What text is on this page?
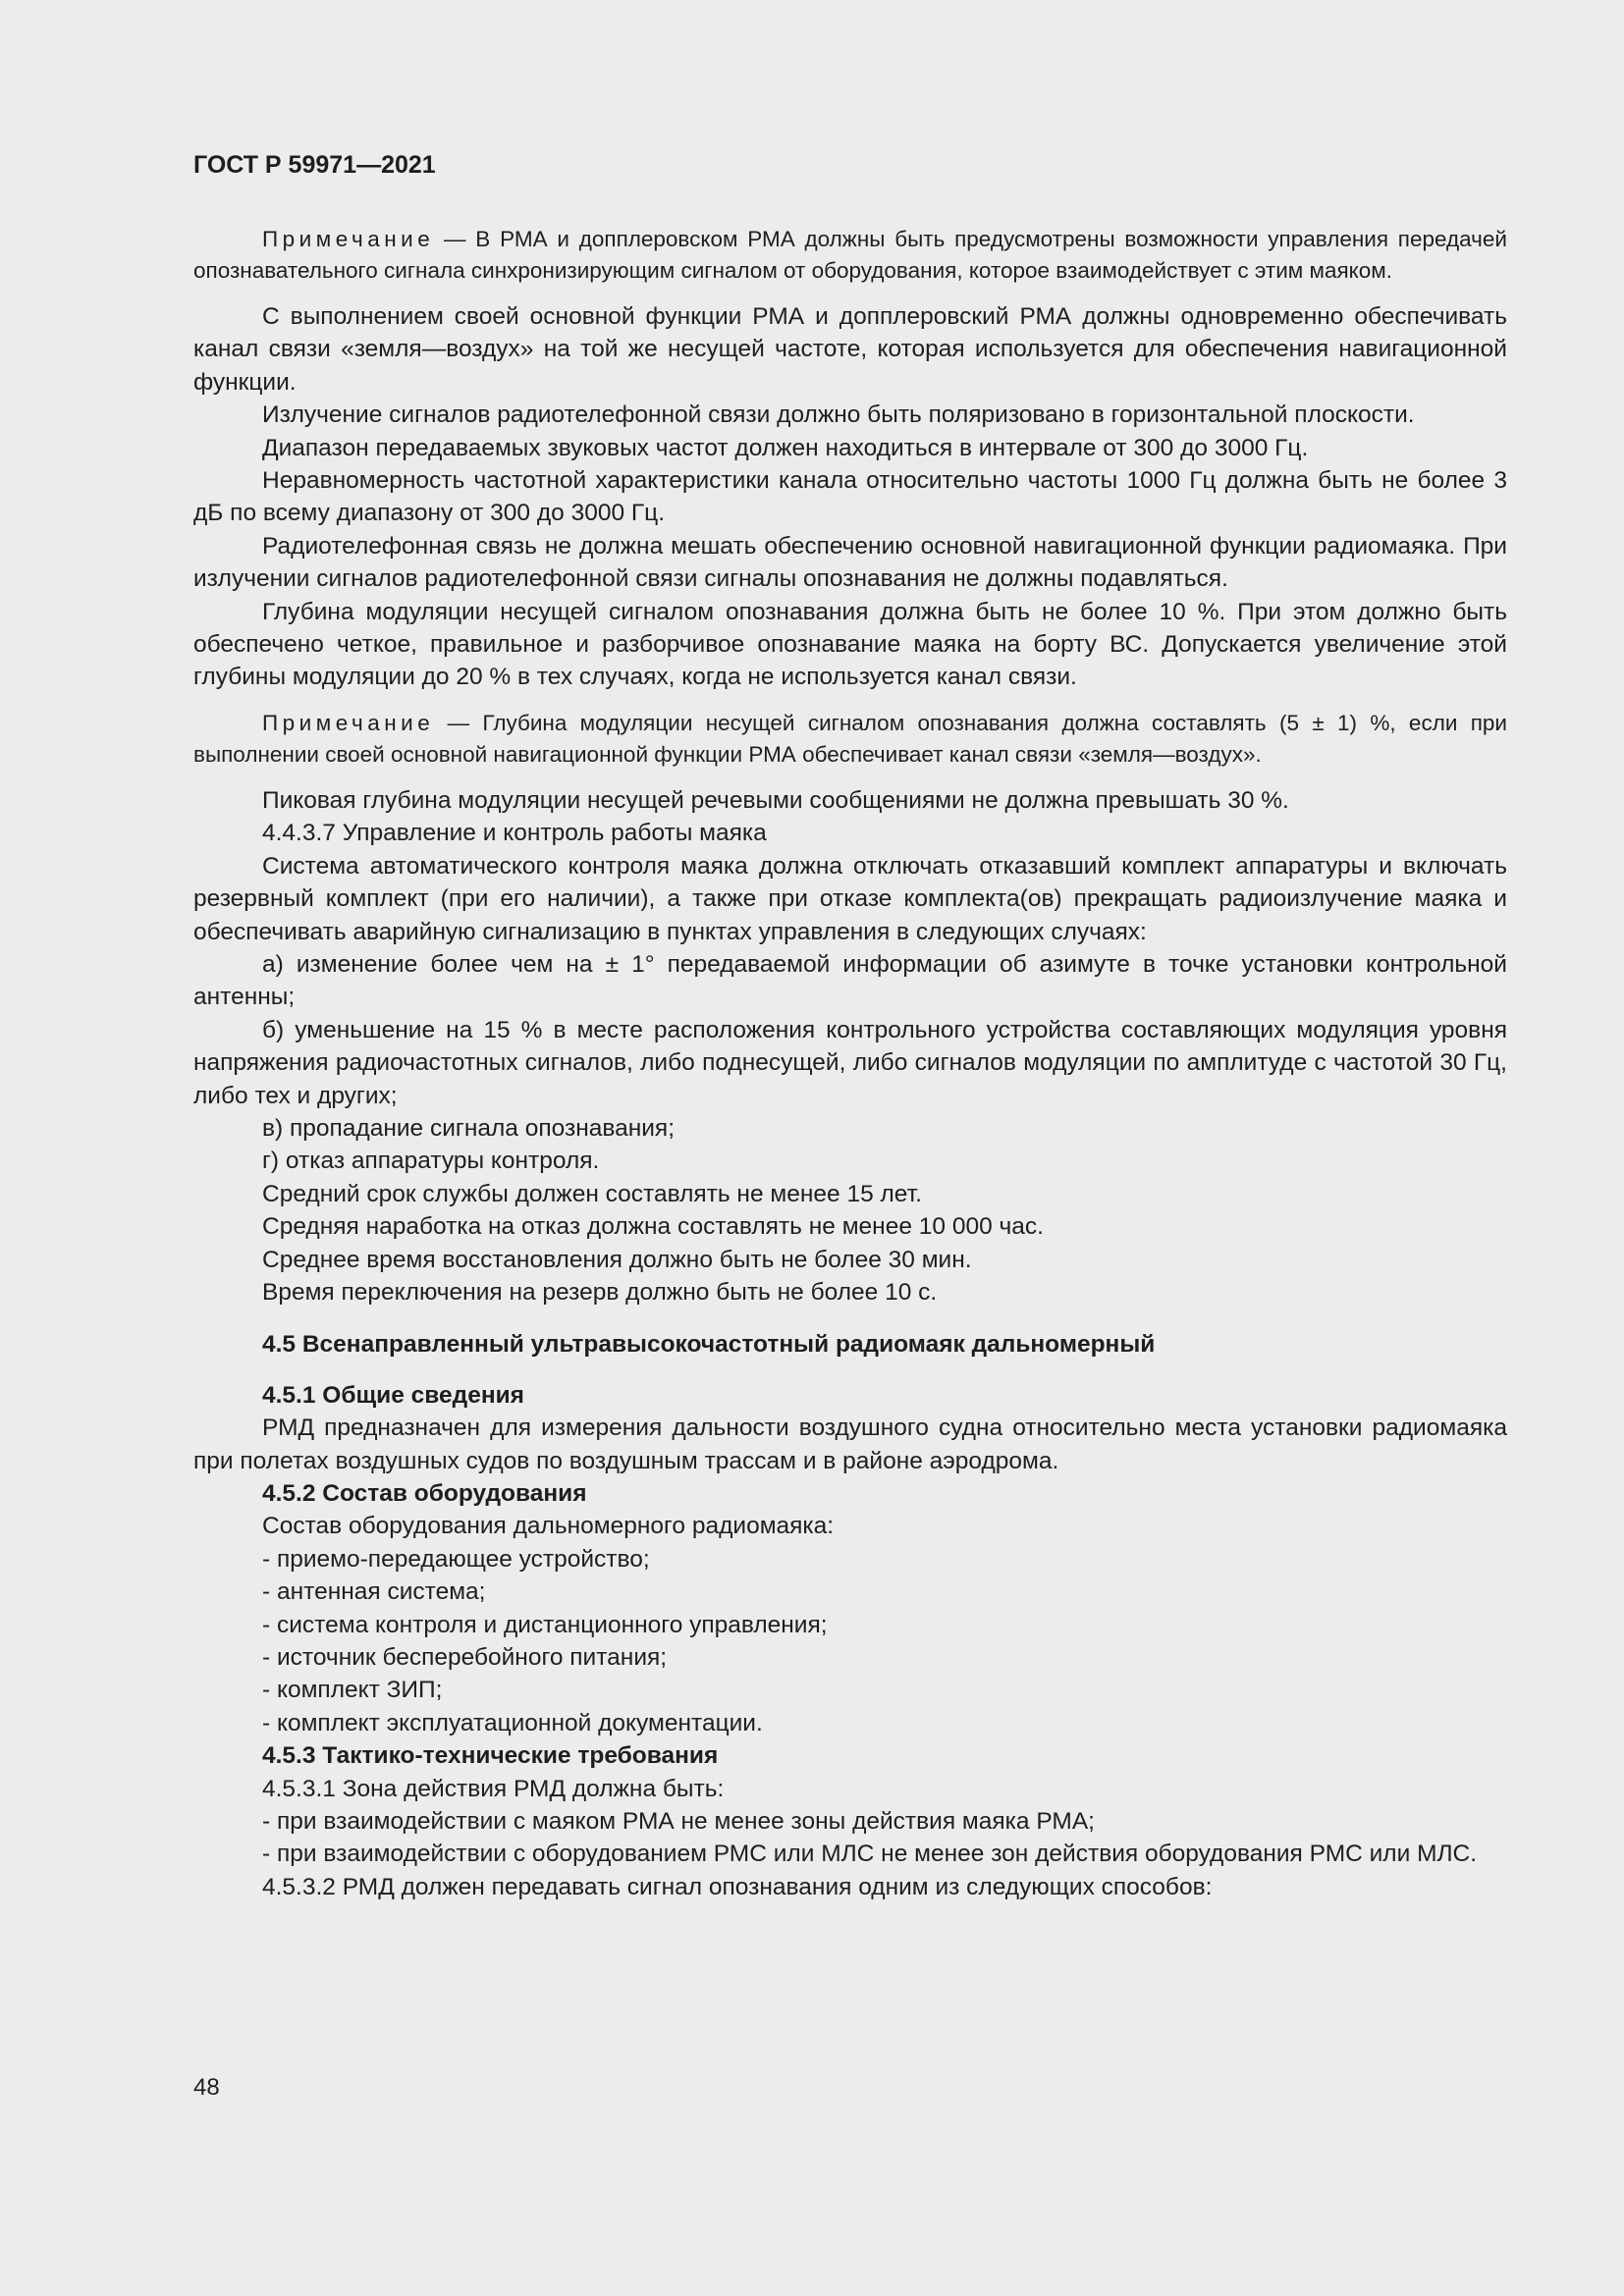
ГОСТ Р 59971—2021

Примечание — В РМА и допплеровском РМА должны быть предусмотрены возможности управления передачей опознавательного сигнала синхронизирующим сигналом от оборудования, которое взаимодействует с этим маяком.

С выполнением своей основной функции РМА и допплеровский РМА должны одновременно обеспечивать канал связи «земля—воздух» на той же несущей частоте, которая используется для обеспечения навигационной функции.

Излучение сигналов радиотелефонной связи должно быть поляризовано в горизонтальной плоскости.

Диапазон передаваемых звуковых частот должен находиться в интервале от 300 до 3000 Гц.

Неравномерность частотной характеристики канала относительно частоты 1000 Гц должна быть не более 3 дБ по всему диапазону от 300 до 3000 Гц.

Радиотелефонная связь не должна мешать обеспечению основной навигационной функции радиомаяка. При излучении сигналов радиотелефонной связи сигналы опознавания не должны подавляться.

Глубина модуляции несущей сигналом опознавания должна быть не более 10 %. При этом должно быть обеспечено четкое, правильное и разборчивое опознавание маяка на борту ВС. Допускается увеличение этой глубины модуляции до 20 % в тех случаях, когда не используется канал связи.

Примечание — Глубина модуляции несущей сигналом опознавания должна составлять (5 ± 1) %, если при выполнении своей основной навигационной функции РМА обеспечивает канал связи «земля—воздух».

Пиковая глубина модуляции несущей речевыми сообщениями не должна превышать 30 %.

4.4.3.7 Управление и контроль работы маяка

Система автоматического контроля маяка должна отключать отказавший комплект аппаратуры и включать резервный комплект (при его наличии), а также при отказе комплекта(ов) прекращать радиоизлучение маяка и обеспечивать аварийную сигнализацию в пунктах управления в следующих случаях:

а) изменение более чем на ± 1° передаваемой информации об азимуте в точке установки контрольной антенны;

б) уменьшение на 15 % в месте расположения контрольного устройства составляющих модуляция уровня напряжения радиочастотных сигналов, либо поднесущей, либо сигналов модуляции по амплитуде с частотой 30 Гц, либо тех и других;

в) пропадание сигнала опознавания;

г) отказ аппаратуры контроля.

Средний срок службы должен составлять не менее 15 лет.

Средняя наработка на отказ должна составлять не менее 10 000 час.

Среднее время восстановления должно быть не более 30 мин.

Время переключения на резерв должно быть не более 10 с.

4.5 Всенаправленный ультравысокочастотный радиомаяк дальномерный

4.5.1 Общие сведения

РМД предназначен для измерения дальности воздушного судна относительно места установки радиомаяка при полетах воздушных судов по воздушным трассам и в районе аэродрома.

4.5.2 Состав оборудования

Состав оборудования дальномерного радиомаяка:

- приемо-передающее устройство;

- антенная система;

- система контроля и дистанционного управления;

- источник бесперебойного питания;

- комплект ЗИП;

- комплект эксплуатационной документации.

4.5.3 Тактико-технические требования

4.5.3.1 Зона действия РМД должна быть:

- при взаимодействии с маяком РМА не менее зоны действия маяка РМА;

- при взаимодействии с оборудованием РМС или МЛС не менее зон действия оборудования РМС или МЛС.

4.5.3.2 РМД должен передавать сигнал опознавания одним из следующих способов:

48
